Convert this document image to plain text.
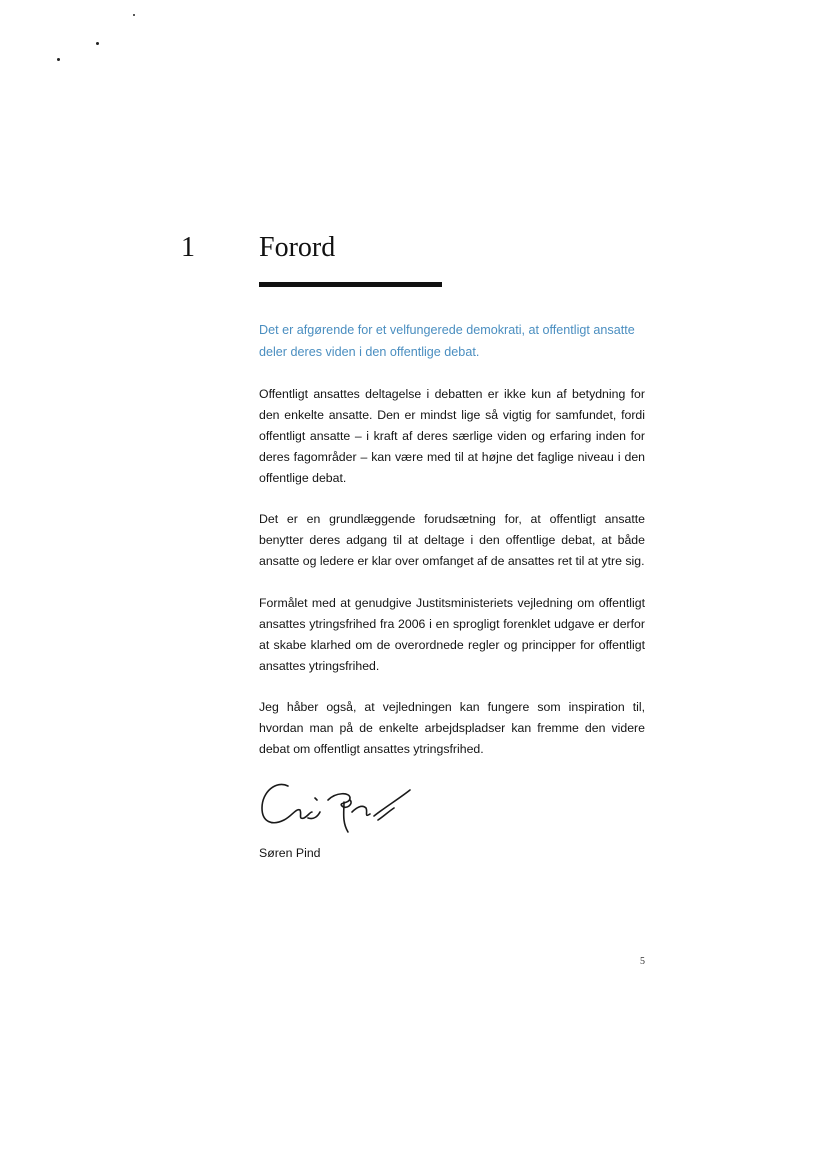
1 Forord
Det er afgørende for et velfungerede demokrati, at offentligt ansatte deler deres viden i den offentlige debat.

Offentligt ansattes deltagelse i debatten er ikke kun af betydning for den enkelte ansatte. Den er mindst lige så vigtig for samfundet, fordi offentligt ansatte – i kraft af deres særlige viden og erfaring inden for deres fagområder – kan være med til at højne det faglige niveau i den offentlige debat.

Det er en grundlæggende forudsætning for, at offentligt ansatte benytter deres adgang til at deltage i den offentlige debat, at både ansatte og ledere er klar over omfanget af de ansattes ret til at ytre sig.

Formålet med at genudgive Justitsministeriets vejledning om offentligt ansattes ytringsfrihed fra 2006 i en sprogligt forenklet udgave er derfor at skabe klarhed om de overordnede regler og principper for offentligt ansattes ytringsfrihed.

Jeg håber også, at vejledningen kan fungere som inspiration til, hvordan man på de enkelte arbejdspladser kan fremme den videre debat om offentligt ansattes ytringsfrihed.

Søren Pind
5
